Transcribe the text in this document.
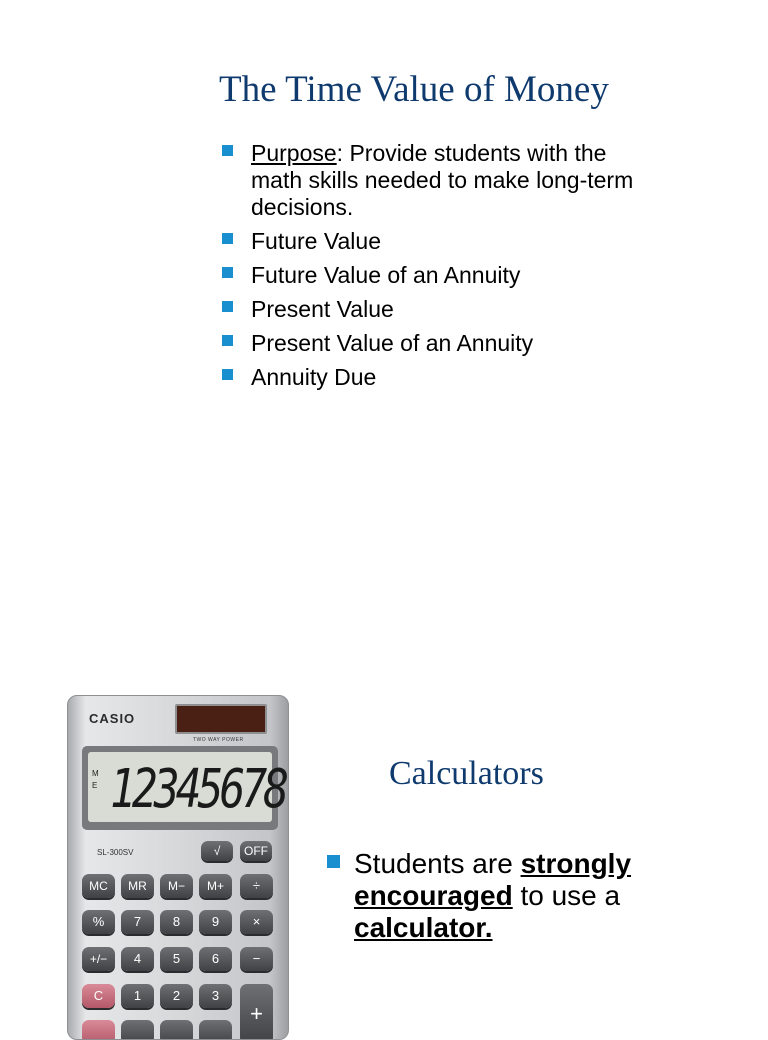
The Time Value of Money
Purpose: Provide students with the math skills needed to make long-term decisions.
Future Value
Future Value of an Annuity
Present Value
Present Value of an Annuity
Annuity Due
CASIO
TWO WAY POWER
M
E 12345678
SL-300SV	√	OFF
MC	MR	M−	M+	÷
%	7	8	9	×
+/−	4	5	6	−
C	1	2	3
+
Calculators
Students are strongly encouraged to use a calculator.
